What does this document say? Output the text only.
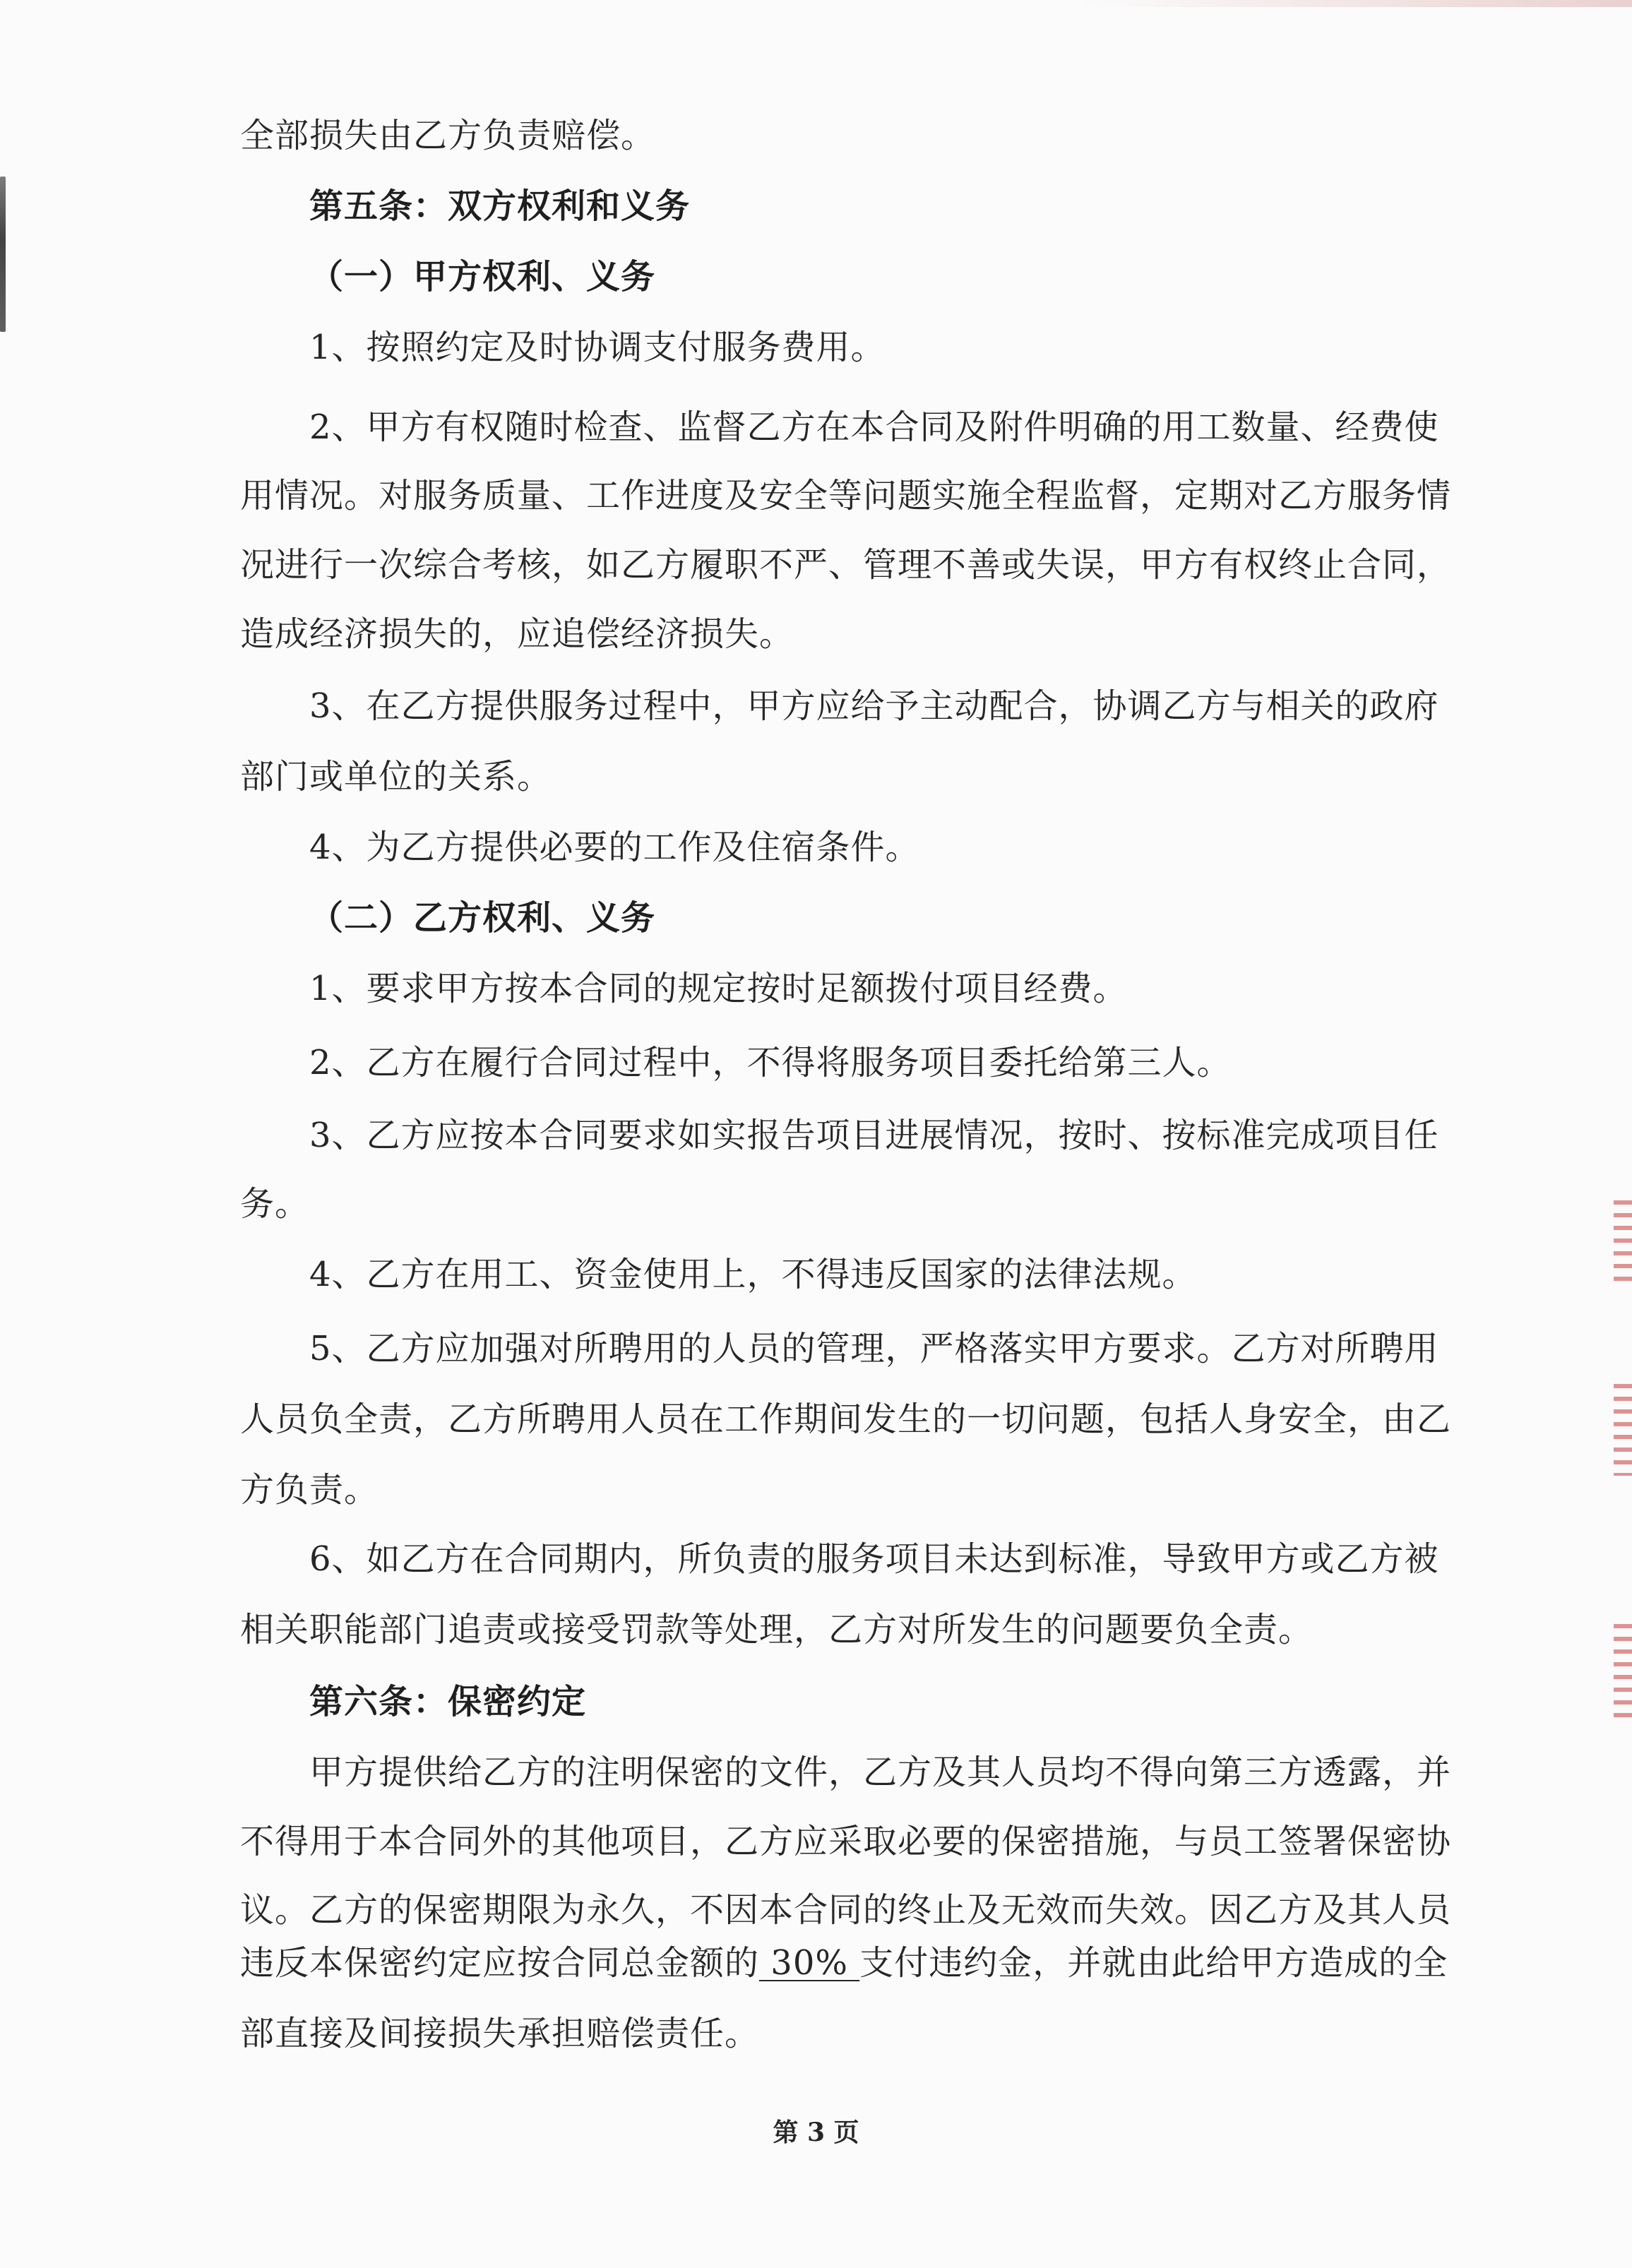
全部损失由乙方负责赔偿。
第五条：双方权利和义务
（一）甲方权利、义务
1、按照约定及时协调支付服务费用。
2、甲方有权随时检查、监督乙方在本合同及附件明确的用工数量、经费使
用情况。对服务质量、工作进度及安全等问题实施全程监督，定期对乙方服务情
况进行一次综合考核，如乙方履职不严、管理不善或失误，甲方有权终止合同，
造成经济损失的，应追偿经济损失。
3、在乙方提供服务过程中，甲方应给予主动配合，协调乙方与相关的政府
部门或单位的关系。
4、为乙方提供必要的工作及住宿条件。
（二）乙方权利、义务
1、要求甲方按本合同的规定按时足额拨付项目经费。
2、乙方在履行合同过程中，不得将服务项目委托给第三人。
3、乙方应按本合同要求如实报告项目进展情况，按时、按标准完成项目任
务。
4、乙方在用工、资金使用上，不得违反国家的法律法规。
5、乙方应加强对所聘用的人员的管理，严格落实甲方要求。乙方对所聘用
人员负全责，乙方所聘用人员在工作期间发生的一切问题，包括人身安全，由乙
方负责。
6、如乙方在合同期内，所负责的服务项目未达到标准，导致甲方或乙方被
相关职能部门追责或接受罚款等处理，乙方对所发生的问题要负全责。
第六条：保密约定
甲方提供给乙方的注明保密的文件，乙方及其人员均不得向第三方透露，并
不得用于本合同外的其他项目，乙方应采取必要的保密措施，与员工签署保密协
议。乙方的保密期限为永久，不因本合同的终止及无效而失效。因乙方及其人员
违反本保密约定应按合同总金额的 30% 支付违约金，并就由此给甲方造成的全
部直接及间接损失承担赔偿责任。
第 3 页
